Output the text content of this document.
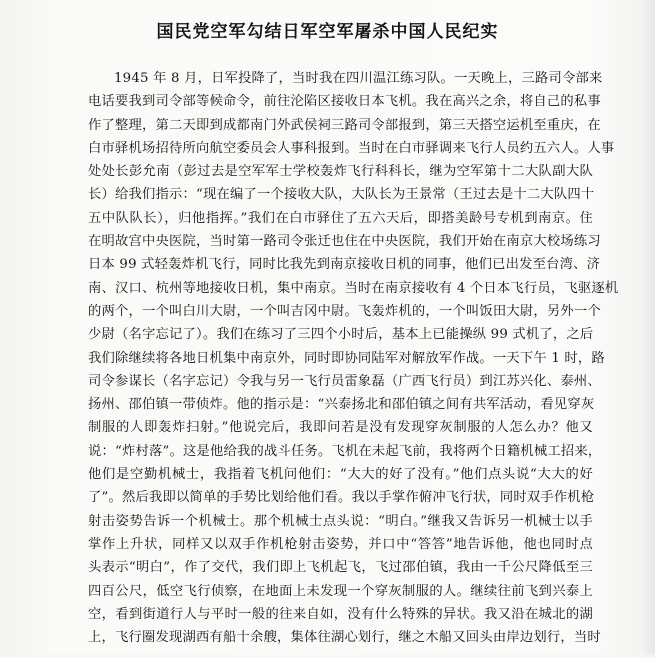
国民党空军勾结日军空军屠杀中国人民纪实
1945 年 8 月，日军投降了，当时我在四川温江练习队。一天晚上，三路司令部来
电话要我到司令部等候命令，前往沦陷区接收日本飞机。我在高兴之余，将自己的私事
作了整理，第二天即到成都南门外武侯祠三路司令部报到，第三天搭空运机至重庆，在
白市驿机场招待所向航空委员会人事科报到。当时在白市驿调来飞行人员约五六人。人事
处处长彭允南（彭过去是空军军士学校轰炸飞行科科长，继为空军第十二大队副大队
长）给我们指示：“现在编了一个接收大队，大队长为王景常（王过去是十二大队四十
五中队队长），归他指挥。”我们在白市驿住了五六天后，即搭美龄号专机到南京。住
在明故宫中央医院，当时第一路司令张迁也住在中央医院，我们开始在南京大校场练习
日本 99 式轻轰炸机飞行，同时比我先到南京接收日机的同事，他们已出发至台湾、济
南、汉口、杭州等地接收日机，集中南京。当时在南京接收有 4 个日本飞行员，飞驱逐机
的两个，一个叫白川大尉，一个叫吉冈中尉。飞轰炸机的，一个叫饭田大尉，另外一个
少尉（名字忘记了）。我们在练习了三四个小时后，基本上已能操纵 99 式机了，之后
我们除继续将各地日机集中南京外，同时即协同陆军对解放军作战。一天下午 1 时，路
司令参谋长（名字忘记）令我与另一飞行员雷象磊（广西飞行员）到江苏兴化、泰州、
扬州、邵伯镇一带侦炸。他的指示是：“兴泰扬北和邵伯镇之间有共军活动，看见穿灰
制服的人即轰炸扫射。”他说完后，我即问若是没有发现穿灰制服的人怎么办？他又
说：“炸村落”。这是他给我的战斗任务。飞机在未起飞前，我将两个日籍机械工招来，
他们是空勤机械士，我指着飞机问他们：“大大的好了没有。”他们点头说“大大的好
了”。然后我即以简单的手势比划给他们看。我以手掌作俯冲飞行状，同时双手作机枪
射击姿势告诉一个机械士。那个机械士点头说：“明白。”继我又告诉另一机械士以手
掌作上升状，同样又以双手作机枪射击姿势，并口中“答答”地告诉他，他也同时点
头表示“明白”，作了交代，我们即上飞机起飞，飞过邵伯镇，我由一千公尺降低至三
四百公尺，低空飞行侦察，在地面上未发现一个穿灰制服的人。继续往前飞到兴泰上
空，看到街道行人与平时一般的往来自如，没有什么特殊的异状。我又沿在城北的湖
上，飞行圈发现湖西有船十余艘，集体往湖心划行，继之木船又回头由岸边划行，当时
